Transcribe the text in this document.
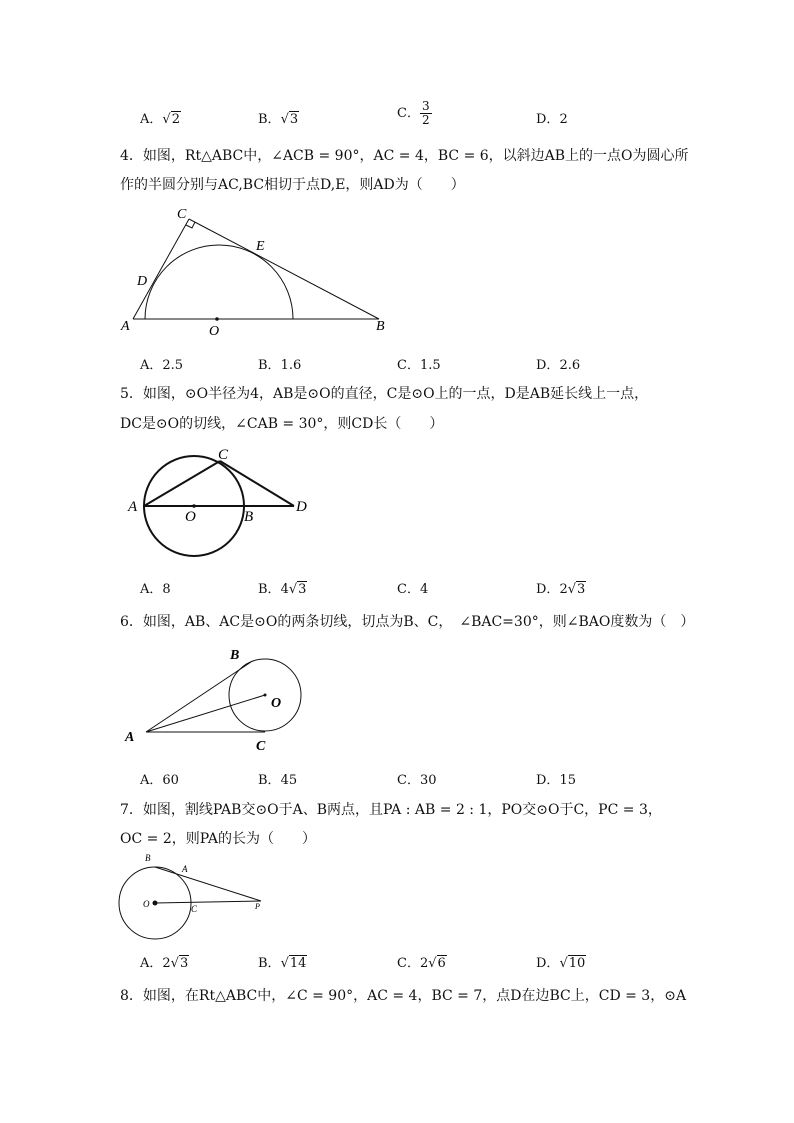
A．√2	B．√3	C． $\frac{3}{2}$	D．2
4．如图，Rt△ABC中，∠ACB = 90°，AC = 4，BC = 6，以斜边AB上的一点O为圆心所
作的半圆分别与AC,BC相切于点D,E，则AD为（　　）
C
E
D
A	O	B
A．2.5	B．1.6	C．1.5	D．2.6
5．如图，⊙O半径为4，AB是⊙O的直径，C是⊙O上的一点，D是AB延长线上一点，
DC是⊙O的切线，∠CAB = 30°，则CD长（　　）
C
A
O	B
D
A．8	B．4√3	C．4	D．2√3
6．如图，AB、AC是⊙O的两条切线，切点为B、C，　∠BAC=30°，则∠BAO度数为（　）
B
O
A
C
A．60	B．45	C．30	D．15
7．如图，割线PAB交⊙O于A、B两点，且PA : AB = 2 : 1，PO交⊙O于C，PC = 3，
OC = 2，则PA的长为（　　）
B
A
O	C	P
A．2√3	B．√14	C．2√6	D．√10
8．如图，在Rt△ABC中，∠C = 90°，AC = 4，BC = 7，点D在边BC上，CD = 3，⊙A
